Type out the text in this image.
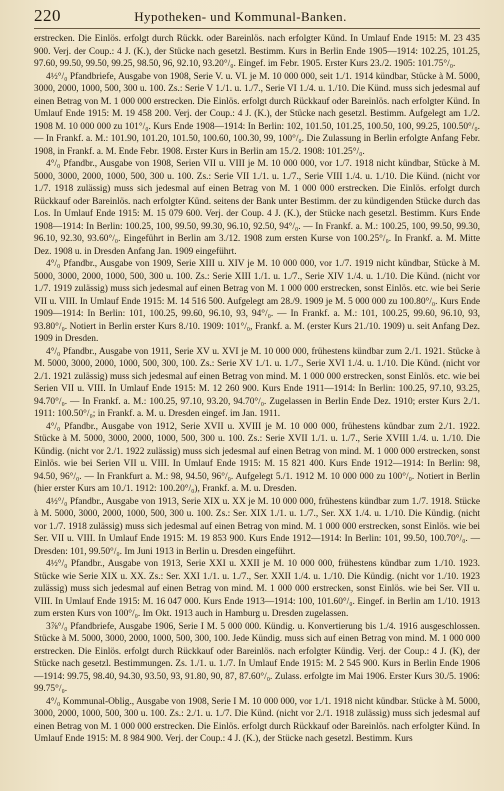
220	Hypotheken- und Kommunal-Banken.

erstrecken. Die Einlös. erfolgt durch Rückk. oder Bareinlös. nach erfolgter Künd. In Umlauf Ende 1915: M. 23 435 900. Verj. der Coup.: 4 J. (K.), der Stücke nach gesetzl. Bestimm. Kurs in Berlin Ende 1905—1914: 102.25, 101.25, 97.60, 99.50, 99.50, 99.25, 98.50, 96, 92.10, 93.20°/₀. Eingef. im Febr. 1905. Erster Kurs 23./2. 1905: 101.75°/₀.

4½°/₀ Pfandbriefe, Ausgabe von 1908, Serie V. u. VI. je M. 10 000 000, seit 1./1. 1914 kündbar, Stücke à M. 5000, 3000, 2000, 1000, 500, 300 u. 100. Zs.: Serie V 1./1. u. 1./7., Serie VI 1./4. u. 1./10. Die Künd. muss sich jedesmal auf einen Betrag von M. 1 000 000 erstrecken. Die Einlös. erfolgt durch Rückkauf oder Bareinlös. nach erfolgter Künd. In Umlauf Ende 1915: M. 19 458 200. Verj. der Coup.: 4 J. (K.), der Stücke nach gesetzl. Bestimm. Aufgelegt am 1./2. 1908 M. 10 000 000 zu 101°/₀. Kurs Ende 1908—1914: In Berlin: 102, 101.50, 101.25, 100.50, 100, 99.25, 100.50°/₀. — In Frankf. a. M.: 101.90, 101.20, 101.50, 100.60, 100.30, 99, 100°/₀. Die Zulassung in Berlin erfolgte Anfang Febr. 1908, in Frankf. a. M. Ende Febr. 1908. Erster Kurs in Berlin am 15./2. 1908: 101.25°/₀.

4°/₀ Pfandbr., Ausgabe von 1908, Serien VII u. VIII je M. 10 000 000, vor 1./7. 1918 nicht kündbar, Stücke à M. 5000, 3000, 2000, 1000, 500, 300 u. 100. Zs.: Serie VII 1./1. u. 1./7., Serie VIII 1./4. u. 1./10. Die Künd. (nicht vor 1./7. 1918 zulässig) muss sich jedesmal auf einen Betrag von M. 1 000 000 erstrecken. Die Einlös. erfolgt durch Rückkauf oder Bareinlös. nach erfolgter Künd. seitens der Bank unter Bestimm. der zu kündigenden Stücke durch das Los. In Umlauf Ende 1915: M. 15 079 600. Verj. der Coup. 4 J. (K.), der Stücke nach gesetzl. Bestimm. Kurs Ende 1908—1914: In Berlin: 100.25, 100, 99.50, 99.30, 96.10, 92.50, 94°/₀. — In Frankf. a. M.: 100.25, 100, 99.50, 99.30, 96.10, 92.30, 93.60°/₀. Eingeführt in Berlin am 3./12. 1908 zum ersten Kurse von 100.25°/₀. In Frankf. a. M. Mitte Dez. 1908 u. in Dresden Anfang Jan. 1909 eingeführt.

4°/₀ Pfandbr., Ausgabe von 1909, Serie XIII u. XIV je M. 10 000 000, vor 1./7. 1919 nicht kündbar, Stücke à M. 5000, 3000, 2000, 1000, 500, 300 u. 100. Zs.: Serie XIII 1./1. u. 1./7., Serie XIV 1./4. u. 1./10. Die Künd. (nicht vor 1./7. 1919 zulässig) muss sich jedesmal auf einen Betrag von M. 1 000 000 erstrecken, sonst Einlös. etc. wie bei Serie VII u. VIII. In Umlauf Ende 1915: M. 14 516 500. Aufgelegt am 28./9. 1909 je M. 5 000 000 zu 100.80°/₀. Kurs Ende 1909—1914: In Berlin: 101, 100.25, 99.60, 96.10, 93, 94°/₀. — In Frankf. a. M.: 101, 100.25, 99.60, 96.10, 93, 93.80°/₀. Notiert in Berlin erster Kurs 8./10. 1909: 101°/₀, Frankf. a. M. (erster Kurs 21./10. 1909) u. seit Anfang Dez. 1909 in Dresden.

4°/₀ Pfandbr., Ausgabe von 1911, Serie XV u. XVI je M. 10 000 000, frühestens kündbar zum 2./1. 1921. Stücke à M. 5000, 3000, 2000, 1000, 500, 300, 100. Zs.: Serie XV 1./1. u. 1./7., Serie XVI 1./4. u. 1./10. Die Künd. (nicht vor 2./1. 1921 zulässig) muss sich jedesmal auf einen Betrag von mind. M. 1 000 000 erstrecken, sonst Einlös. etc. wie bei Serien VII u. VIII. In Umlauf Ende 1915: M. 12 260 900. Kurs Ende 1911—1914: In Berlin: 100.25, 97.10, 93.25, 94.70°/₀. — In Frankf. a. M.: 100.25, 97.10, 93.20, 94.70°/₀. Zugelassen in Berlin Ende Dez. 1910; erster Kurs 2./1. 1911: 100.50°/₀; in Frankf. a. M. u. Dresden eingef. im Jan. 1911.

4°/₀ Pfandbr., Ausgabe von 1912, Serie XVII u. XVIII je M. 10 000 000, frühestens kündbar zum 2./1. 1922. Stücke à M. 5000, 3000, 2000, 1000, 500, 300 u. 100. Zs.: Serie XVII 1./1. u. 1./7., Serie XVIII 1./4. u. 1./10. Die Kündig. (nicht vor 2./1. 1922 zulässig) muss sich jedesmal auf einen Betrag von mind. M. 1 000 000 erstrecken, sonst Einlös. wie bei Serien VII u. VIII. In Umlauf Ende 1915: M. 15 821 400. Kurs Ende 1912—1914: In Berlin: 98, 94.50, 96°/₀. — In Frankfurt a. M.: 98, 94.50, 96°/₀. Aufgelegt 5./1. 1912 M. 10 000 000 zu 100°/₀. Notiert in Berlin (hier erster Kurs am 10./1. 1912: 100.20°/₀), Frankf. a. M. u. Dresden.

4½°/₀ Pfandbr., Ausgabe von 1913, Serie XIX u. XX je M. 10 000 000, frühestens kündbar zum 1./7. 1918. Stücke à M. 5000, 3000, 2000, 1000, 500, 300 u. 100. Zs.: Ser. XIX 1./1. u. 1./7., Ser. XX 1./4. u. 1./10. Die Kündig. (nicht vor 1./7. 1918 zulässig) muss sich jedesmal auf einen Betrag von mind. M. 1 000 000 erstrecken, sonst Einlös. wie bei Ser. VII u. VIII. In Umlauf Ende 1915: M. 19 853 900. Kurs Ende 1912—1914: In Berlin: 101, 99.50, 100.70°/₀. — Dresden: 101, 99.50°/₀. Im Juni 1913 in Berlin u. Dresden eingeführt.

4½°/₀ Pfandbr., Ausgabe von 1913, Serie XXI u. XXII je M. 10 000 000, frühestens kündbar zum 1./10. 1923. Stücke wie Serie XIX u. XX. Zs.: Ser. XXI 1./1. u. 1./7., Ser. XXII 1./4. u. 1./10. Die Kündig. (nicht vor 1./10. 1923 zulässig) muss sich jedesmal auf einen Betrag von mind. M. 1 000 000 erstrecken, sonst Einlös. wie bei Ser. VII u. VIII. In Umlauf Ende 1915: M. 16 047 000. Kurs Ende 1913—1914: 100, 101.60°/₀. Eingef. in Berlin am 1./10. 1913 zum ersten Kurs von 100°/₀. Im Okt. 1913 auch in Hamburg u. Dresden zugelassen.

3⅞°/₀ Pfandbriefe, Ausgabe 1906, Serie I M. 5 000 000. Kündig. u. Konvertierung bis 1./4. 1916 ausgeschlossen. Stücke à M. 5000, 3000, 2000, 1000, 500, 300, 100. Jede Kündig. muss sich auf einen Betrag von mind. M. 1 000 000 erstrecken. Die Einlös. erfolgt durch Rückkauf oder Bareinlös. nach erfolgter Kündig. Verj. der Coup.: 4 J. (K), der Stücke nach gesetzl. Bestimmungen. Zs. 1./1. u. 1./7. In Umlauf Ende 1915: M. 2 545 900. Kurs in Berlin Ende 1906—1914: 99.75, 98.40, 94.30, 93.50, 93, 91.80, 90, 87, 87.60°/₀. Zulass. erfolgte im Mai 1906. Erster Kurs 30./5. 1906: 99.75°/₀.

4°/₀ Kommunal-Oblig., Ausgabe von 1908, Serie I M. 10 000 000, vor 1./1. 1918 nicht kündbar. Stücke à M. 5000, 3000, 2000, 1000, 500, 300 u. 100. Zs.: 2./1. u. 1./7. Die Künd. (nicht vor 2./1. 1918 zulässig) muss sich jedesmal auf einen Betrag von M. 1 000 000 erstrecken. Die Einlös. erfolgt durch Rückkauf oder Bareinlös. nach erfolgter Künd. In Umlauf Ende 1915: M. 8 984 900. Verj. der Coup.: 4 J. (K.), der Stücke nach gesetzl. Bestimm. Kurs
